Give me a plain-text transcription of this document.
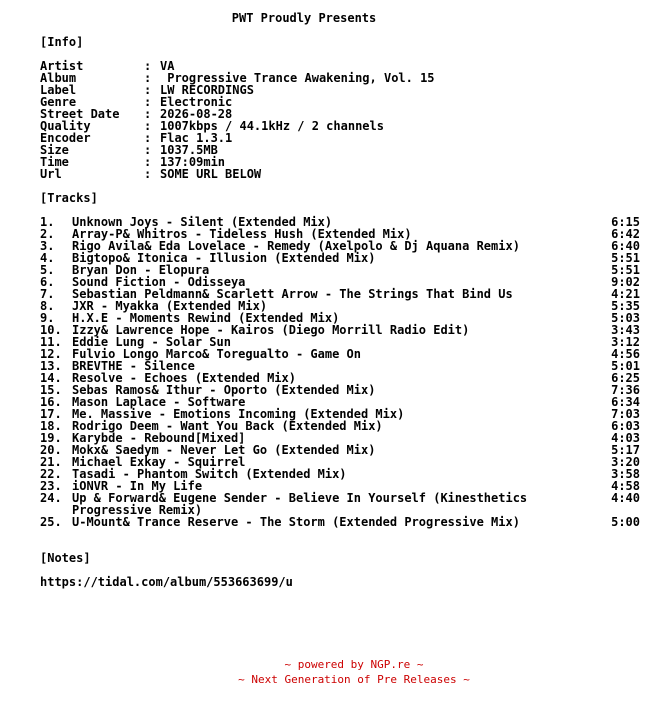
PWT Proudly Presents
[Info]
Artist	: VA
Album	: Progressive Trance Awakening, Vol. 15
Label	: LW RECORDINGS
Genre	: Electronic
Street Date : 2026-08-28
Quality	: 1007kbps / 44.1kHz / 2 channels
Encoder	: Flac 1.3.1
Size	: 1037.5MB
Time	: 137:09min
Url	: SOME URL BELOW
[Tracks]
1. Unknown Joys - Silent (Extended Mix)	6:15
2. Array-P& Whitros - Tideless Hush (Extended Mix)	6:42
3. Rigo Avila& Eda Lovelace - Remedy (Axelpolo & Dj Aquana Remix)	6:40
4. Bigtopo& Itonica - Illusion (Extended Mix)	5:51
5. Bryan Don - Elopura	5:51
6. Sound Fiction - Odisseya	9:02
7. Sebastian Peldmann& Scarlett Arrow - The Strings That Bind Us	4:21
8. JXR - Myakka (Extended Mix)	5:35
9. H.X.E - Moments Rewind (Extended Mix)	5:03
10. Izzy& Lawrence Hope - Kairos (Diego Morrill Radio Edit)	3:43
11. Eddie Lung - Solar Sun	3:12
12. Fulvio Longo Marco& Toregualto - Game On	4:56
13. BREVTHE - Silence	5:01
14. Resolve - Echoes (Extended Mix)	6:25
15. Sebas Ramos& Ithur - Oporto (Extended Mix)	7:36
16. Mason Laplace - Software	6:34
17. Me. Massive - Emotions Incoming (Extended Mix)	7:03
18. Rodrigo Deem - Want You Back (Extended Mix)	6:03
19. Karybde - Rebound[Mixed]	4:03
20. Mokx& Saedym - Never Let Go (Extended Mix)	5:17
21. Michael Exkay - Squirrel	3:20
22. Tasadi - Phantom Switch (Extended Mix)	3:58
23. iONVR - In My Life	4:58
24. Up & Forward& Eugene Sender - Believe In Yourself (Kinesthetics Progressive Remix)
4:40
25. U-Mount& Trance Reserve - The Storm (Extended Progressive Mix)	5:00
[Notes]
https://tidal.com/album/553663699/u
~ powered by NGP.re ~
~ Next Generation of Pre Releases ~
